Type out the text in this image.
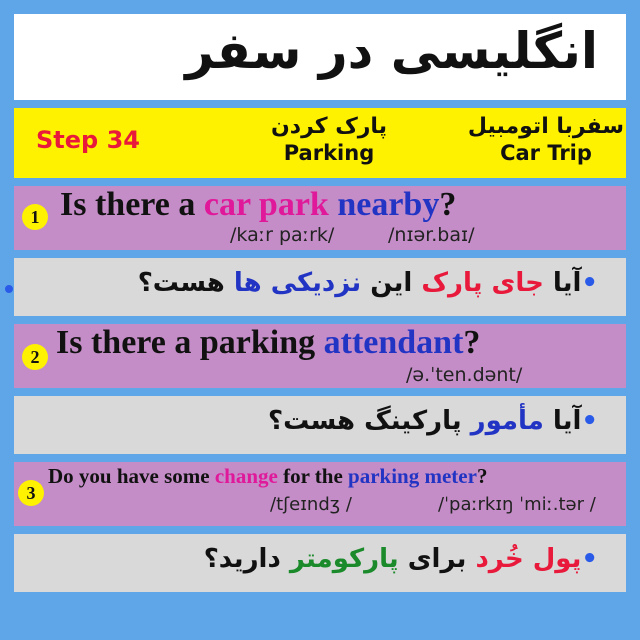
انگلیسی در سفر
Step 34	پارک کردن
Parking
سفربا اتومبیل
Car Trip
1 Is there a car park nearby?
/kaːr paːrk/	/nɪər.baɪ/
•آیا جای پارک این نزدیکی ها هست؟
2 Is there a parking attendant?
/ə.ˈten.dənt/
•آیا مأمور پارکینگ هست؟
3
Do you have some change for the parking meter?
/tʃeɪndʒ /	/ˈpaːrkɪŋ ˈmiː.tər /
•پول خُرد برای پارکومتر دارید؟
